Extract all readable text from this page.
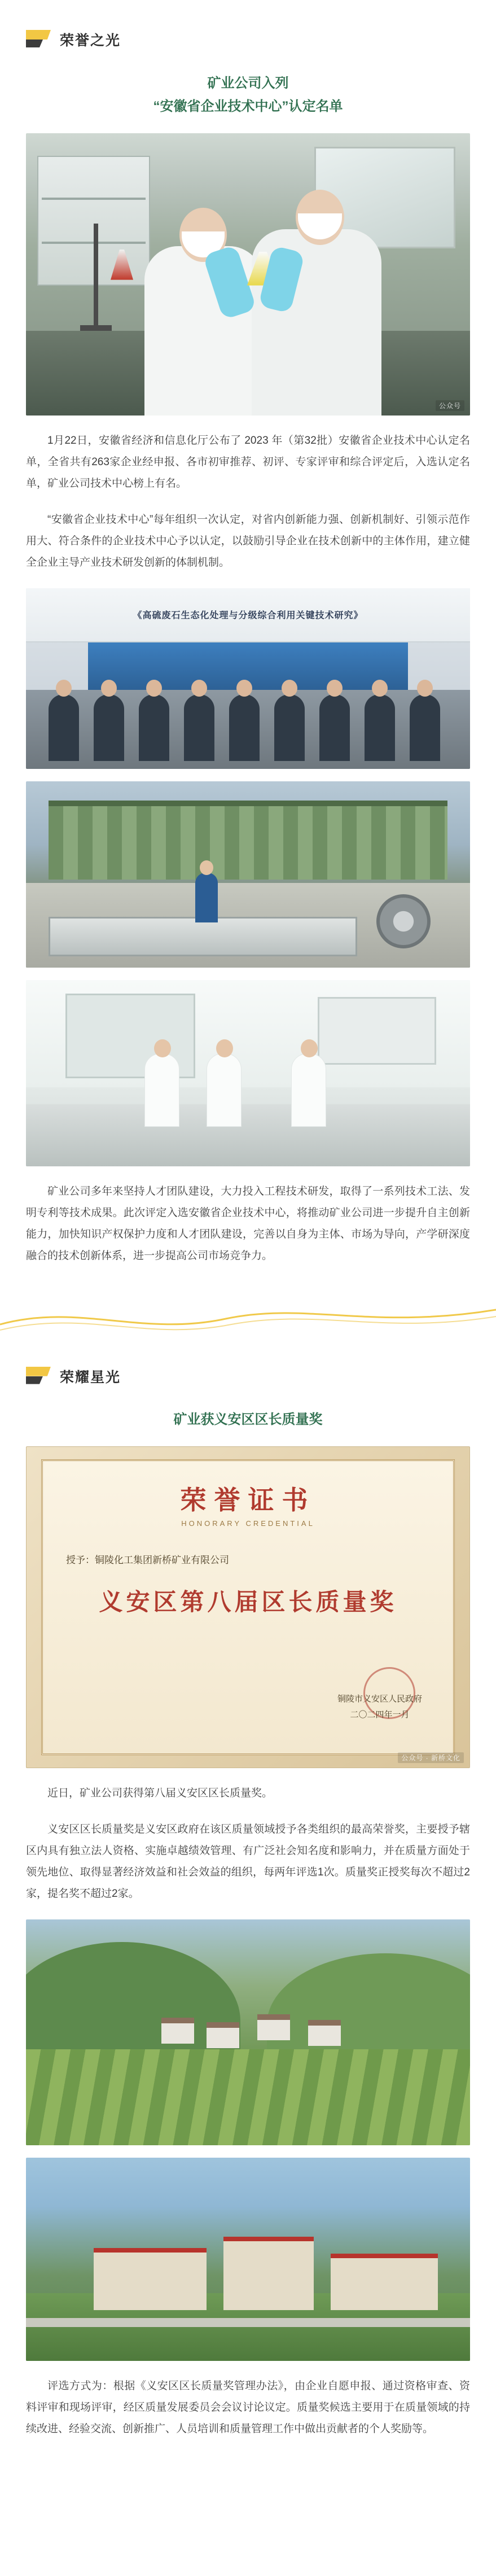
荣誉之光
矿业公司入列
“安徽省企业技术中心”认定名单
公众号

1月22日，安徽省经济和信息化厅公布了 2023 年（第32批）安徽省企业技术中心认定名单，全省共有263家企业经申报、各市初审推荐、初评、专家评审和综合评定后，入选认定名单，矿业公司技术中心榜上有名。

“安徽省企业技术中心”每年组织一次认定，对省内创新能力强、创新机制好、引领示范作用大、符合条件的企业技术中心予以认定，以鼓励引导企业在技术创新中的主体作用，建立健全企业主导产业技术研发创新的体制机制。

《高硫废石生态化处理与分级综合利用关键技术研究》

矿业公司多年来坚持人才团队建设，大力投入工程技术研发，取得了一系列技术工法、发明专利等技术成果。此次评定入选安徽省企业技术中心，将推动矿业公司进一步提升自主创新能力，加快知识产权保护力度和人才团队建设，完善以自身为主体、市场为导向，产学研深度融合的技术创新体系，进一步提高公司市场竞争力。

荣耀星光
矿业获义安区区长质量奖
荣誉证书
HONORARY CREDENTIAL
授予：铜陵化工集团新桥矿业有限公司
义安区第八届区长质量奖
铜陵市义安区人民政府
二〇二四年一月
公众号 · 新桥文化

近日，矿业公司获得第八届义安区区长质量奖。

义安区区长质量奖是义安区政府在该区质量领域授予各类组织的最高荣誉奖，主要授予辖区内具有独立法人资格、实施卓越绩效管理、有广泛社会知名度和影响力，并在质量方面处于领先地位、取得显著经济效益和社会效益的组织，每两年评选1次。质量奖正授奖每次不超过2家，提名奖不超过2家。

评选方式为：根据《义安区区长质量奖管理办法》，由企业自愿申报、通过资格审查、资料评审和现场评审，经区质量发展委员会会议讨论议定。质量奖候选主要用于在质量领域的持续改进、经验交流、创新推广、人员培训和质量管理工作中做出贡献者的个人奖励等。
